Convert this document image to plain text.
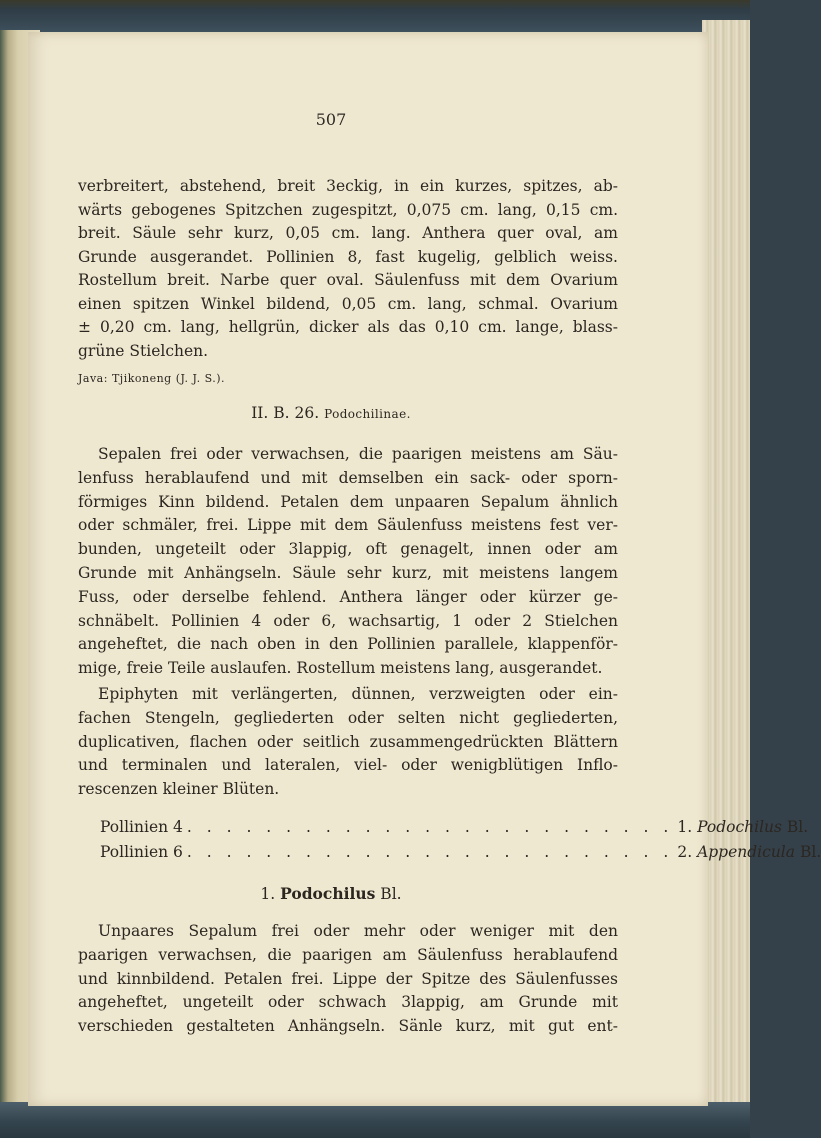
507

verbreitert, abstehend, breit 3eckig, in ein kurzes, spitzes, ab-

wärts gebogenes Spitzchen zugespitzt, 0,075 cm. lang, 0,15 cm.

breit. Säule sehr kurz, 0,05 cm. lang. Anthera quer oval, am

Grunde ausgerandet. Pollinien 8, fast kugelig, gelblich weiss.

Rostellum breit. Narbe quer oval. Säulenfuss mit dem Ovarium

einen spitzen Winkel bildend, 0,05 cm. lang, schmal. Ovarium

± 0,20 cm. lang, hellgrün, dicker als das 0,10 cm. lange, blass-

grüne Stielchen.

Java: Tjikoneng (J. J. S.).
II. B. 26. Podochilinae.

Sepalen frei oder verwachsen, die paarigen meistens am Säu-

lenfuss herablaufend und mit demselben ein sack- oder sporn-

förmiges Kinn bildend. Petalen dem unpaaren Sepalum ähnlich

oder schmäler, frei. Lippe mit dem Säulenfuss meistens fest ver-

bunden, ungeteilt oder 3lappig, oft genagelt, innen oder am

Grunde mit Anhängseln. Säule sehr kurz, mit meistens langem

Fuss, oder derselbe fehlend. Anthera länger oder kürzer ge-

schnäbelt. Pollinien 4 oder 6, wachsartig, 1 oder 2 Stielchen

angeheftet, die nach oben in den Pollinien parallele, klappenför-

mige, freie Teile auslaufen. Rostellum meistens lang, ausgerandet.

Epiphyten mit verlängerten, dünnen, verzweigten oder ein-

fachen Stengeln, gegliederten oder selten nicht gegliederten,

duplicativen, flachen oder seitlich zusammengedrückten Blättern

und terminalen und lateralen, viel- oder wenigblütigen Inflo-

rescenzen kleiner Blüten.

Pollinien 4 . . . . . . . . . . . . . . . . . . . . . . . . . 1.
Podochilus
Bl.
Pollinien 6 . . . . . . . . . . . . . . . . . . . . . . . . . 2.
Appendicula
Bl.
1. Podochilus Bl.

Unpaares Sepalum frei oder mehr oder weniger mit den

paarigen verwachsen, die paarigen am Säulenfuss herablaufend

und kinnbildend. Petalen frei. Lippe der Spitze des Säulenfusses

angeheftet, ungeteilt oder schwach 3lappig, am Grunde mit

verschieden gestalteten Anhängseln. Sänle kurz, mit gut ent-
